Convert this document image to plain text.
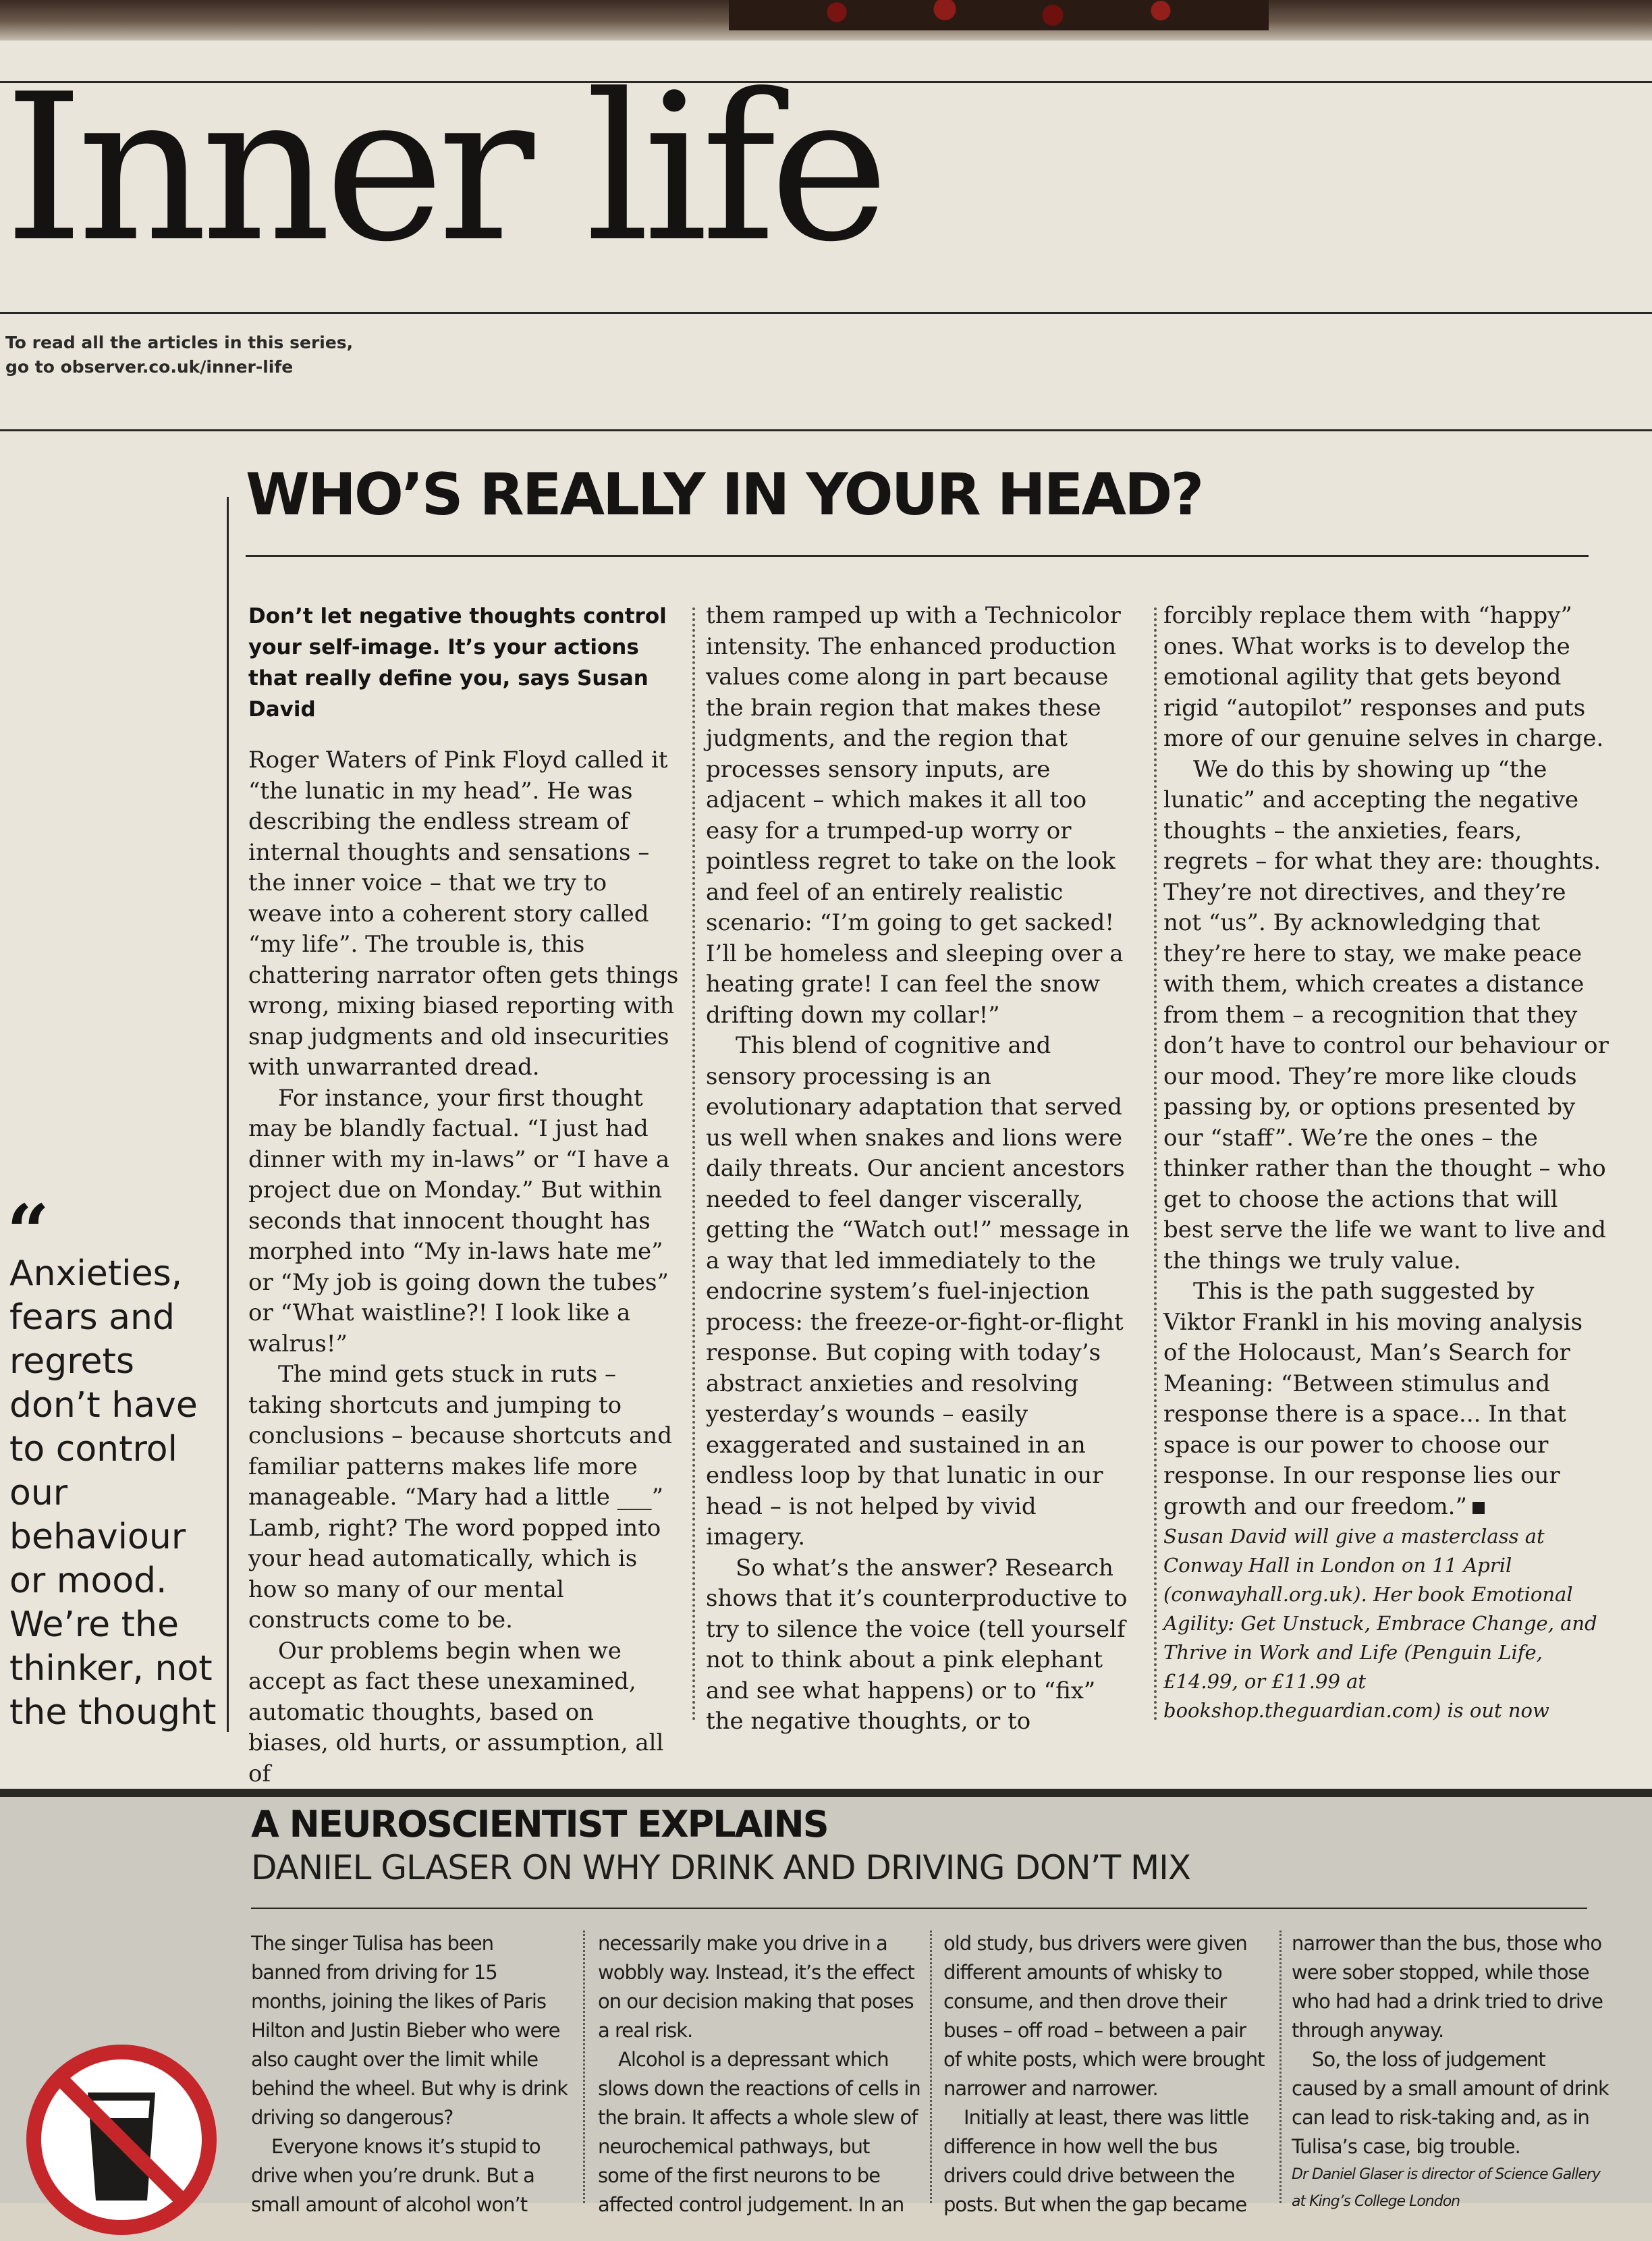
Inner life
To read all the articles in this series,
go to observer.co.uk/inner-life
WHO’S REALLY IN YOUR HEAD?
“
Anxieties, fears and regrets don’t have to control our behaviour or mood. We’re the thinker, not the thought
Don’t let negative thoughts control your self-image. It’s your actions that really define you, says Susan David

Roger Waters of Pink Floyd called it “the lunatic in my head”. He was describing the endless stream of internal thoughts and sensations – the inner voice – that we try to weave into a coherent story called “my life”. The trouble is, this chattering narrator often gets things wrong, mixing biased reporting with snap judgments and old insecurities with unwarranted dread.

For instance, your first thought may be blandly factual. “I just had dinner with my in-laws” or “I have a project due on Monday.” But within seconds that innocent thought has morphed into “My in-laws hate me” or “My job is going down the tubes” or “What waistline?! I look like a walrus!”

The mind gets stuck in ruts – taking shortcuts and jumping to conclusions – because shortcuts and familiar patterns makes life more manageable. “Mary had a little ___” Lamb, right? The word popped into your head automatically, which is how so many of our mental constructs come to be.

Our problems begin when we accept as fact these unexamined, automatic thoughts, based on biases, old hurts, or assumption, all of

them ramped up with a Technicolor intensity. The enhanced production values come along in part because the brain region that makes these judgments, and the region that processes sensory inputs, are adjacent – which makes it all too easy for a trumped-up worry or pointless regret to take on the look and feel of an entirely realistic scenario: “I’m going to get sacked! I’ll be homeless and sleeping over a heating grate! I can feel the snow drifting down my collar!”

This blend of cognitive and sensory processing is an evolutionary adaptation that served us well when snakes and lions were daily threats. Our ancient ancestors needed to feel danger viscerally, getting the “Watch out!” message in a way that led immediately to the endocrine system’s fuel-injection process: the freeze-or-fight-or-flight response. But coping with today’s abstract anxieties and resolving yesterday’s wounds – easily exaggerated and sustained in an endless loop by that lunatic in our head – is not helped by vivid imagery.

So what’s the answer? Research shows that it’s counterproductive to try to silence the voice (tell yourself not to think about a pink elephant and see what happens) or to “fix” the negative thoughts, or to

forcibly replace them with “happy” ones. What works is to develop the emotional agility that gets beyond rigid “autopilot” responses and puts more of our genuine selves in charge.

We do this by showing up “the lunatic” and accepting the negative thoughts – the anxieties, fears, regrets – for what they are: thoughts. They’re not directives, and they’re not “us”. By acknowledging that they’re here to stay, we make peace with them, which creates a distance from them – a recognition that they don’t have to control our behaviour or our mood. They’re more like clouds passing by, or options presented by our “staff”. We’re the ones – the thinker rather than the thought – who get to choose the actions that will best serve the life we want to live and the things we truly value.

This is the path suggested by Viktor Frankl in his moving analysis of the Holocaust, Man’s Search for Meaning: “Between stimulus and response there is a space... In that space is our power to choose our response. In our response lies our growth and our freedom.”

Susan David will give a masterclass at Conway Hall in London on 11 April (conwayhall.org.uk). Her book Emotional Agility: Get Unstuck, Embrace Change, and Thrive in Work and Life (Penguin Life, £14.99, or £11.99 at bookshop.theguardian.com) is out now

A NEUROSCIENTIST EXPLAINS
DANIEL GLASER ON WHY DRINK AND DRIVING DON’T MIX

The singer Tulisa has been banned from driving for 15 months, joining the likes of Paris Hilton and Justin Bieber who were also caught over the limit while behind the wheel. But why is drink driving so dangerous?

Everyone knows it’s stupid to drive when you’re drunk. But a small amount of alcohol won’t

necessarily make you drive in a wobbly way. Instead, it’s the effect on our decision making that poses a real risk.

Alcohol is a depressant which slows down the reactions of cells in the brain. It affects a whole slew of neurochemical pathways, but some of the first neurons to be affected control judgement. In an

old study, bus drivers were given different amounts of whisky to consume, and then drove their buses – off road – between a pair of white posts, which were brought narrower and narrower.

Initially at least, there was little difference in how well the bus drivers could drive between the posts. But when the gap became

narrower than the bus, those who were sober stopped, while those who had had a drink tried to drive through anyway.

So, the loss of judgement caused by a small amount of drink can lead to risk-taking and, as in Tulisa’s case, big trouble.

Dr Daniel Glaser is director of Science Gallery at King’s College London
